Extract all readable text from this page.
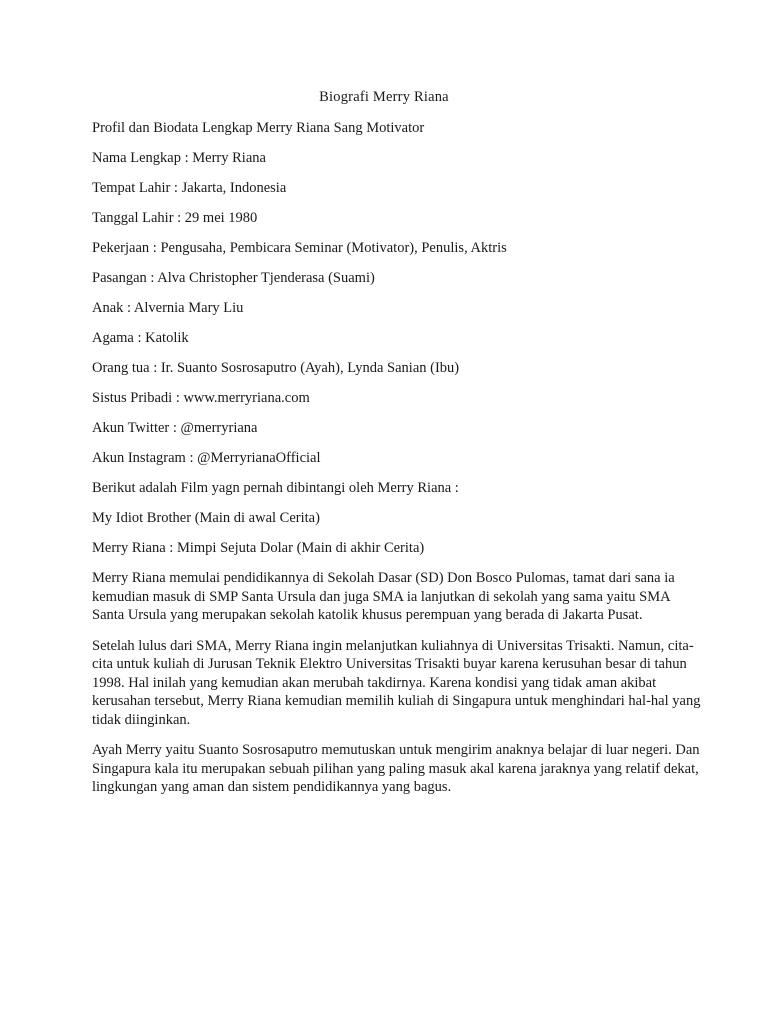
Biografi Merry Riana

Profil dan Biodata Lengkap Merry Riana Sang Motivator

Nama Lengkap : Merry Riana

Tempat Lahir : Jakarta, Indonesia

Tanggal Lahir : 29 mei 1980

Pekerjaan : Pengusaha, Pembicara Seminar (Motivator), Penulis, Aktris

Pasangan : Alva Christopher Tjenderasa (Suami)

Anak : Alvernia Mary Liu

Agama : Katolik

Orang tua : Ir. Suanto Sosrosaputro (Ayah), Lynda Sanian (Ibu)

Sistus Pribadi : www.merryriana.com

Akun Twitter : @merryriana

Akun Instagram : @MerryrianaOfficial

Berikut adalah Film yagn pernah dibintangi oleh Merry Riana :

My Idiot Brother (Main di awal Cerita)

Merry Riana : Mimpi Sejuta Dolar (Main di akhir Cerita)

Merry Riana memulai pendidikannya di Sekolah Dasar (SD) Don Bosco Pulomas, tamat dari sana ia kemudian masuk di SMP Santa Ursula dan juga SMA ia lanjutkan di sekolah yang sama yaitu SMA Santa Ursula yang merupakan sekolah katolik khusus perempuan yang berada di Jakarta Pusat.

Setelah lulus dari SMA, Merry Riana ingin melanjutkan kuliahnya di Universitas Trisakti. Namun, cita-cita untuk kuliah di Jurusan Teknik Elektro Universitas Trisakti buyar karena kerusuhan besar di tahun 1998. Hal inilah yang kemudian akan merubah takdirnya. Karena kondisi yang tidak aman akibat kerusahan tersebut, Merry Riana kemudian memilih kuliah di Singapura untuk menghindari hal-hal yang tidak diinginkan.

Ayah Merry yaitu Suanto Sosrosaputro memutuskan untuk mengirim anaknya belajar di luar negeri. Dan Singapura kala itu merupakan sebuah pilihan yang paling masuk akal karena jaraknya yang relatif dekat, lingkungan yang aman dan sistem pendidikannya yang bagus.
